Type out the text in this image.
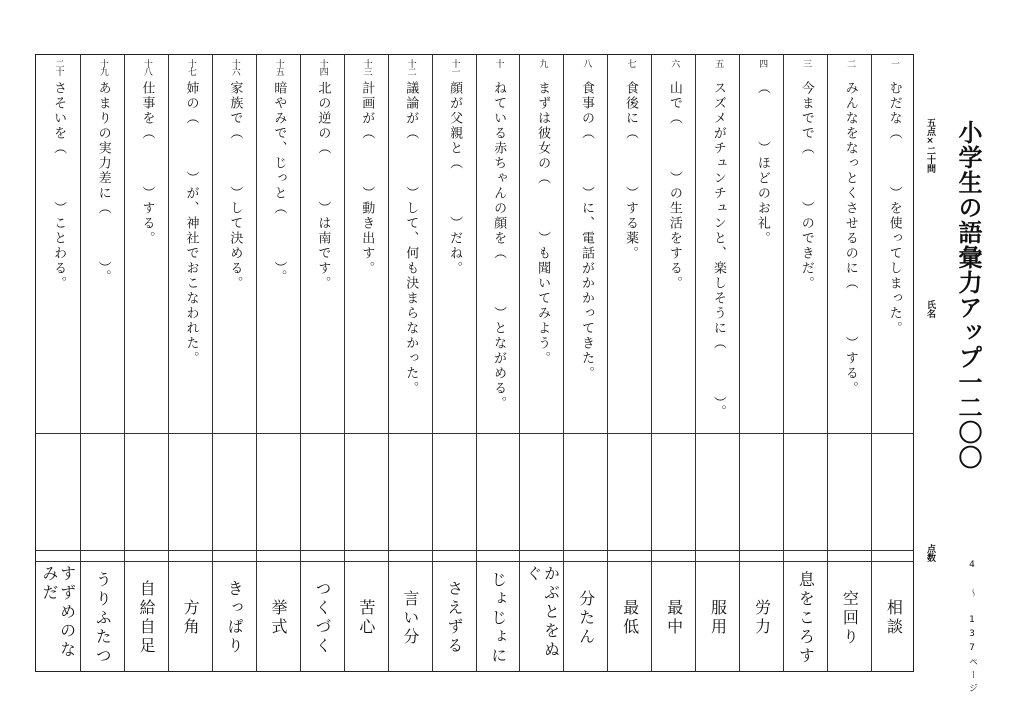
小学生の語彙力アップ一二〇〇
五点×二十問
氏名
点数
4 ～ 137ページ
一
むだな（　　　）を使ってしまった。
相談
二
みんなをなっとくさせるのに（　　　）する。
空回り
三
今までで（　　　）のできだ。
息をころす
四
（　　　）ほどのお礼。
労力
五
スズメがチュンチュンと、楽しそうに（　　　）。
服用
六
山で（　　　）の生活をする。
最中
七
食後に（　　　）する薬。
最低
八
食事の（　　　）に、電話がかかってきた。
分たん
九
まずは彼女の（　　　）も聞いてみよう。
かぶとをぬぐ
十
ねている赤ちゃんの顔を（　　　）とながめる。
じょじょに
十一
顔が父親と（　　　）だね。
さえずる
十二
議論が（　　　）して、何も決まらなかった。
言い分
十三
計画が（　　　）動き出す。
苦心
十四
北の逆の（　　　）は南です。
つくづく
十五
暗やみで、じっと（　　　）。
挙式
十六
家族で（　　　）して決める。
きっぱり
十七
姉の（　　　）が、神社でおこなわれた。
方角
十八
仕事を（　　　）する。
自給自足
十九
あまりの実力差に（　　　）。
うりふたつ
二十
さそいを（　　　）ことわる。
すずめのなみだ
